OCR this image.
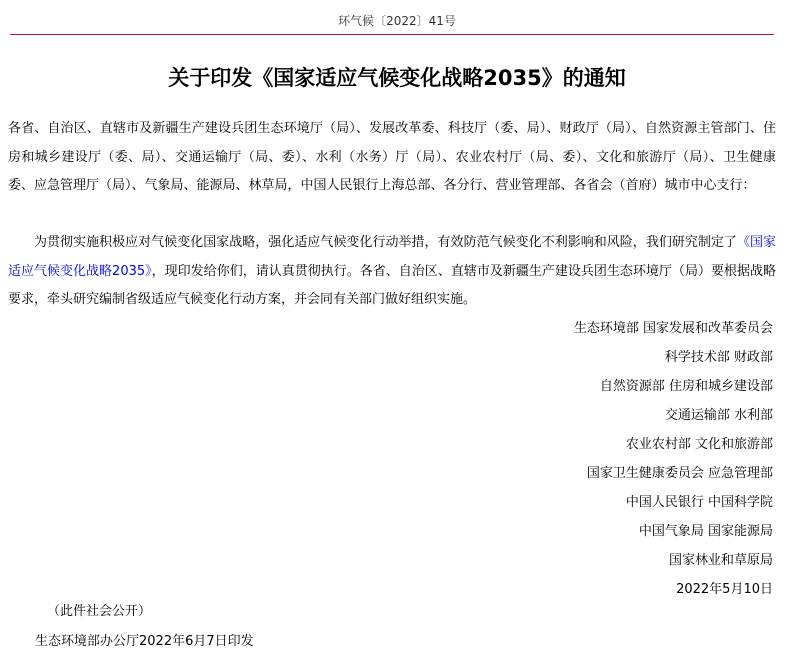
环气候〔2022〕41号
关于印发《国家适应气候变化战略2035》的通知
各省、自治区、直辖市及新疆生产建设兵团生态环境厅（局）、发展改革委、科技厅（委、局）、财政厅（局）、自然资源主管部门、住房和城乡建设厅（委、局）、交通运输厅（局、委）、水利（水务）厅（局）、农业农村厅（局、委）、文化和旅游厅（局）、卫生健康委、应急管理厅（局）、气象局、能源局、林草局，中国人民银行上海总部、各分行、营业管理部、各省会（首府）城市中心支行：
为贯彻实施积极应对气候变化国家战略，强化适应气候变化行动举措，有效防范气候变化不利影响和风险，我们研究制定了《国家适应气候变化战略2035》，现印发给你们，请认真贯彻执行。各省、自治区、直辖市及新疆生产建设兵团生态环境厅（局）要根据战略要求，牵头研究编制省级适应气候变化行动方案，并会同有关部门做好组织实施。
生态环境部 国家发展和改革委员会
科学技术部 财政部
自然资源部 住房和城乡建设部
交通运输部 水利部
农业农村部 文化和旅游部
国家卫生健康委员会 应急管理部
中国人民银行 中国科学院
中国气象局 国家能源局
国家林业和草原局
2022年5月10日
（此件社会公开）
生态环境部办公厅2022年6月7日印发
